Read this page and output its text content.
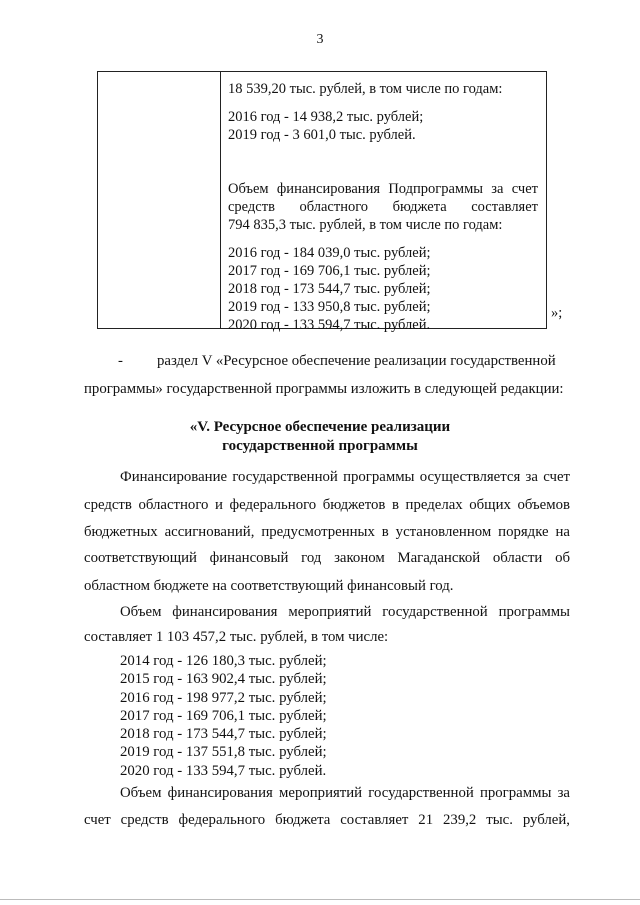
3

18 539,20 тыс. рублей, в том числе по годам:

2016 год - 14 938,2 тыс. рублей;

2019 год - 3 601,0 тыс. рублей.

Объем финансирования Подпрограммы за счет

средств областного бюджета составляет

794 835,3 тыс. рублей, в том числе по годам:

2016 год - 184 039,0 тыс. рублей;

2017 год - 169 706,1 тыс. рублей;

2018 год - 173 544,7 тыс. рублей;

2019 год - 133 950,8 тыс. рублей;

2020 год - 133 594,7 тыс. рублей.

»;
- раздел V «Ресурсное обеспечение реализации государственной
программы» государственной программы изложить в следующей редакции:
«V. Ресурсное обеспечение реализации
государственной программы
Финансирование государственной программы осуществляется за счет
средств областного и федерального бюджетов в пределах общих объемов
бюджетных ассигнований, предусмотренных в установленном порядке на
соответствующий финансовый год законом Магаданской области об
областном бюджете на соответствующий финансовый год.
Объем финансирования мероприятий государственной программы
составляет 1 103 457,2 тыс. рублей, в том числе:
2014 год - 126 180,3 тыс. рублей;
2015 год - 163 902,4 тыс. рублей;
2016 год - 198 977,2 тыс. рублей;
2017 год - 169 706,1 тыс. рублей;
2018 год - 173 544,7 тыс. рублей;
2019 год - 137 551,8 тыс. рублей;
2020 год - 133 594,7 тыс. рублей.
Объем финансирования мероприятий государственной программы за
счет средств федерального бюджета составляет 21 239,2 тыс. рублей,
